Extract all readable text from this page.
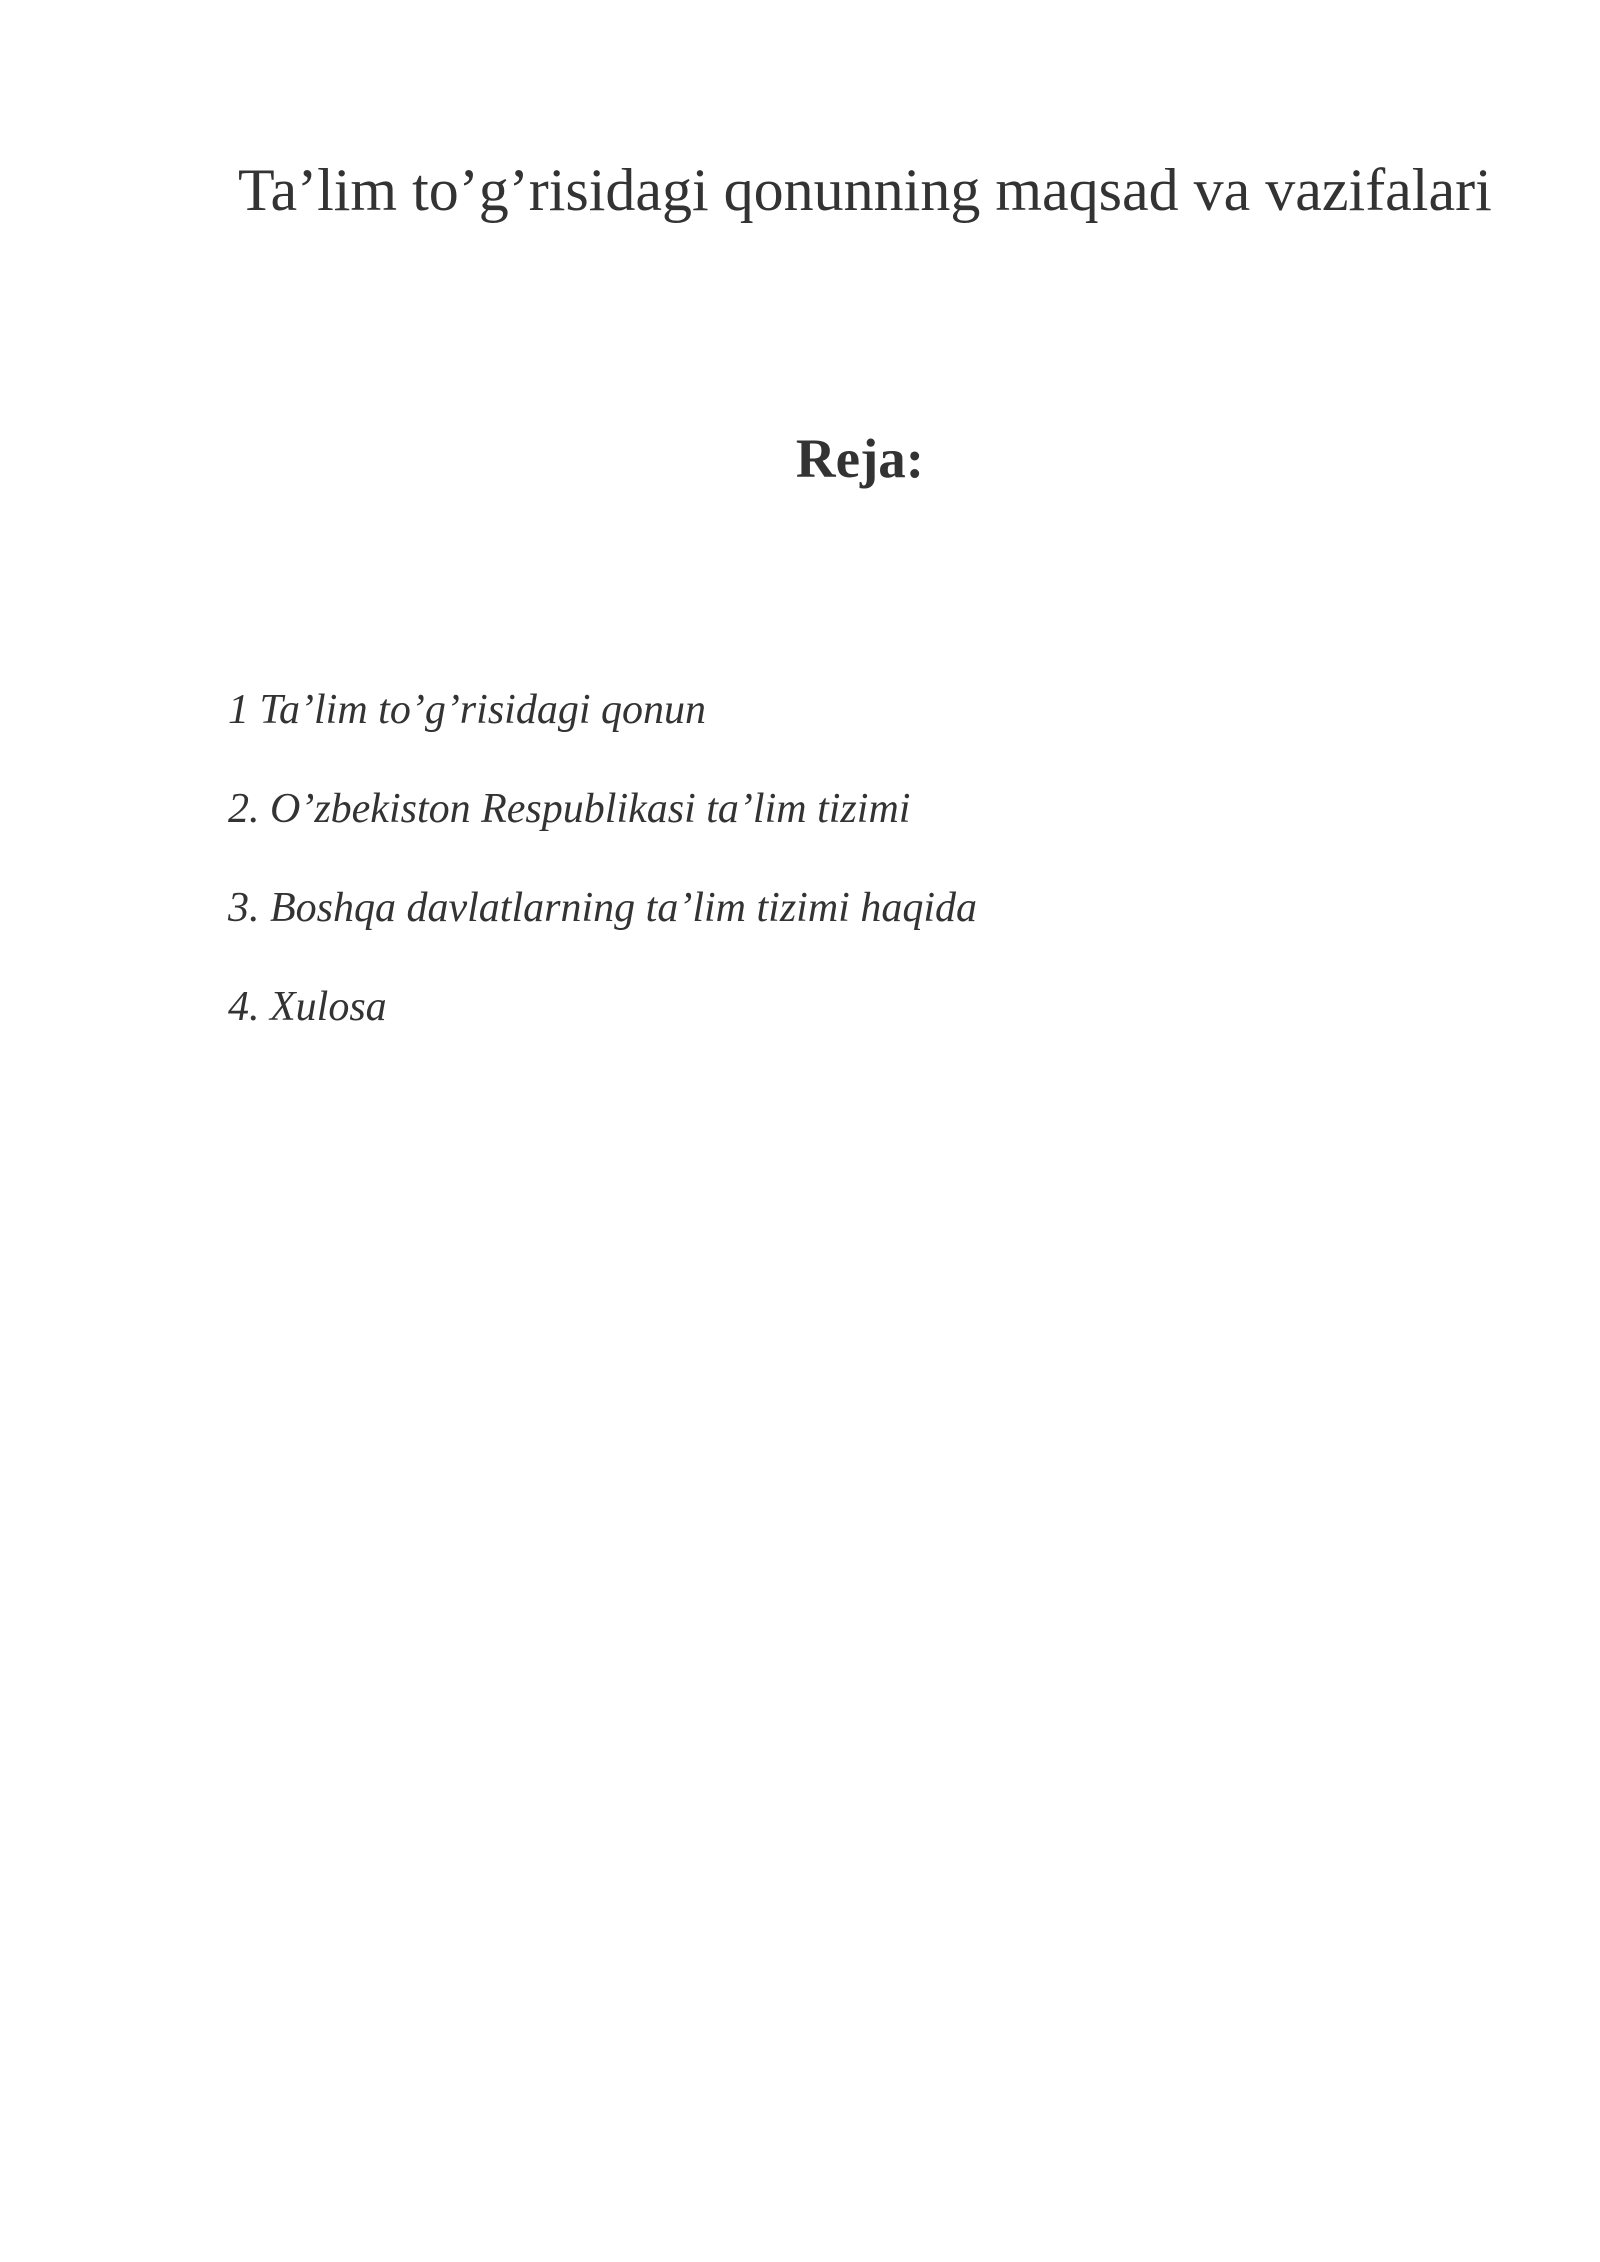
Ta’lim to’g’risidagi qonunning maqsad va vazifalari
Reja:
1 Ta’lim to’g’risidagi qonun
2. O’zbekiston Respublikasi ta’lim tizimi
3. Boshqa davlatlarning ta’lim tizimi haqida
4. Xulosa
